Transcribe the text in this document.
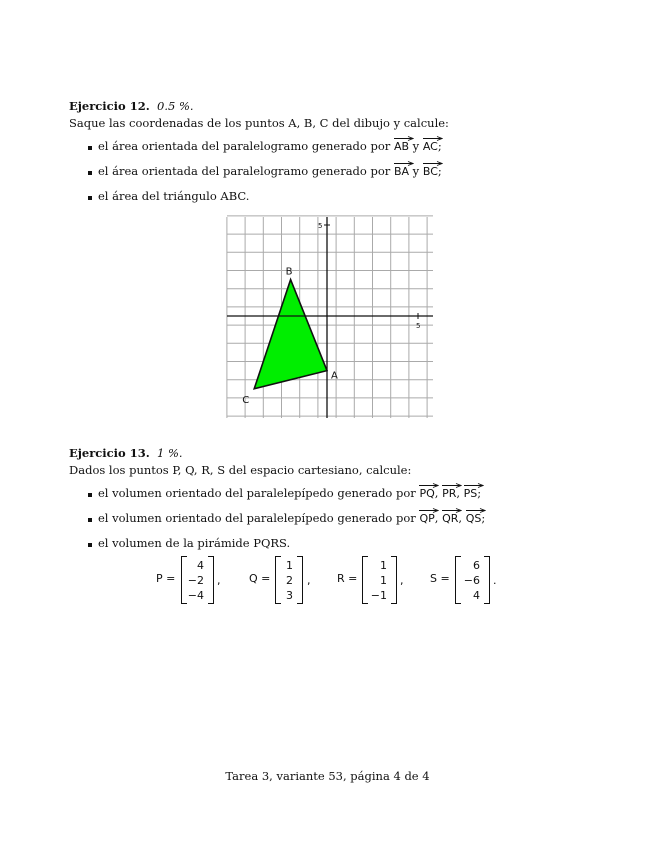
Ejercicio 12. 0.5 %.
Saque las coordenadas de los puntos A, B, C del dibujo y calcule:
el área orientada del paralelogramo generado por
AB y
AC;
el área orientada del paralelogramo generado por
BA y
BC;
el área del triángulo ABC.
5
5
A
B
C
Ejercicio 13. 1 %.
Dados los puntos P, Q, R, S del espacio cartesiano, calcule:
el volumen orientado del paralelepípedo generado por
PQ,
PR,
PS;
el volumen orientado del paralelepípedo generado por
QP,
QR,
QS;
el volumen de la pirámide PQRS.
P =
4
−2
−4
,	Q =
1
2
3
, R =
1
1
−1
, S =
6
−6
4
.
Tarea 3, variante 53, página 4 de 4
